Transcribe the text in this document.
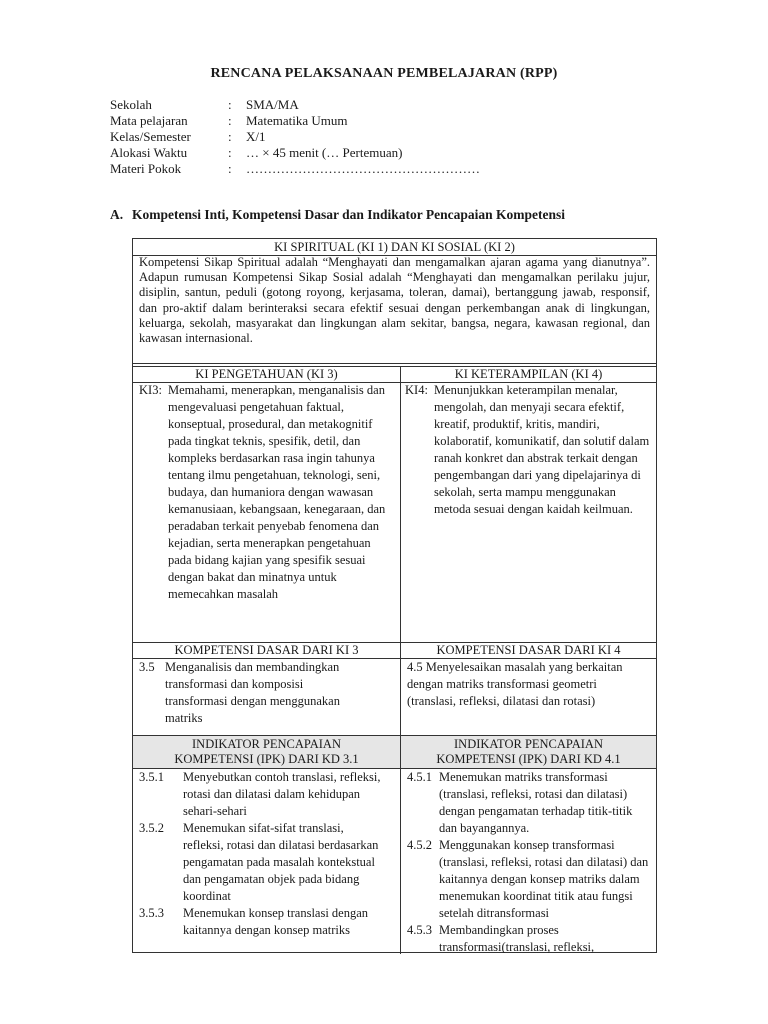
RENCANA PELAKSANAAN PEMBELAJARAN (RPP)
Sekolah	:	SMA/MA
Mata pelajaran	:	Matematika Umum
Kelas/Semester	:	X/1
Alokasi Waktu	:	… × 45 menit (… Pertemuan)
Materi Pokok	:	………………………………………………
A. Kompetensi Inti, Kompetensi Dasar dan Indikator Pencapaian Kompetensi
KI SPIRITUAL (KI 1) DAN KI SOSIAL (KI 2)
Kompetensi Sikap Spiritual adalah “Menghayati dan mengamalkan ajaran agama yang dianutnya”. Adapun rumusan Kompetensi Sikap Sosial adalah “Menghayati dan mengamalkan perilaku jujur, disiplin, santun, peduli (gotong royong, kerjasama, toleran, damai), bertanggung jawab, responsif, dan pro-aktif dalam berinteraksi secara efektif sesuai dengan perkembangan anak di lingkungan, keluarga, sekolah, masyarakat dan lingkungan alam sekitar, bangsa, negara, kawasan regional, dan kawasan internasional.
KI PENGETAHUAN (KI 3)	KI KETERAMPILAN (KI 4)
KI3: Memahami, menerapkan, menganalisis dan mengevaluasi pengetahuan faktual, konseptual, prosedural, dan metakognitif pada tingkat teknis, spesifik, detil, dan kompleks berdasarkan rasa ingin tahunya tentang ilmu pengetahuan, teknologi, seni, budaya, dan humaniora dengan wawasan kemanusiaan, kebangsaan, kenegaraan, dan peradaban terkait penyebab fenomena dan kejadian, serta menerapkan pengetahuan pada bidang kajian yang spesifik sesuai dengan bakat dan minatnya untuk memecahkan masalah
KI4: Menunjukkan keterampilan menalar, mengolah, dan menyaji secara efektif, kreatif, produktif, kritis, mandiri, kolaboratif, komunikatif, dan solutif dalam ranah konkret dan abstrak terkait dengan pengembangan dari yang dipelajarinya di sekolah, serta mampu menggunakan metoda sesuai dengan kaidah keilmuan.
KOMPETENSI DASAR DARI KI 3	KOMPETENSI DASAR DARI KI 4
3.5 Menganalisis dan membandingkan transformasi dan komposisi transformasi dengan menggunakan matriks
4.5 Menyelesaikan masalah yang berkaitan dengan matriks transformasi geometri (translasi, refleksi, dilatasi dan rotasi)
INDIKATOR PENCAPAIAN
KOMPETENSI (IPK) DARI KD 3.1
INDIKATOR PENCAPAIAN
KOMPETENSI (IPK) DARI KD 4.1
3.5.1	Menyebutkan contoh translasi, refleksi, rotasi dan dilatasi dalam kehidupan sehari-sehari
3.5.2	Menemukan sifat-sifat translasi, refleksi, rotasi dan dilatasi berdasarkan pengamatan pada masalah kontekstual dan pengamatan objek pada bidang koordinat
3.5.3	Menemukan konsep translasi dengan kaitannya dengan konsep matriks
4.5.1 Menemukan matriks transformasi (translasi, refleksi, rotasi dan dilatasi) dengan pengamatan terhadap titik-titik dan bayangannya.
4.5.2 Menggunakan konsep transformasi (translasi, refleksi, rotasi dan dilatasi) dan kaitannya dengan konsep matriks dalam menemukan koordinat titik atau fungsi setelah ditransformasi
4.5.3 Membandingkan proses transformasi(translasi, refleksi,
